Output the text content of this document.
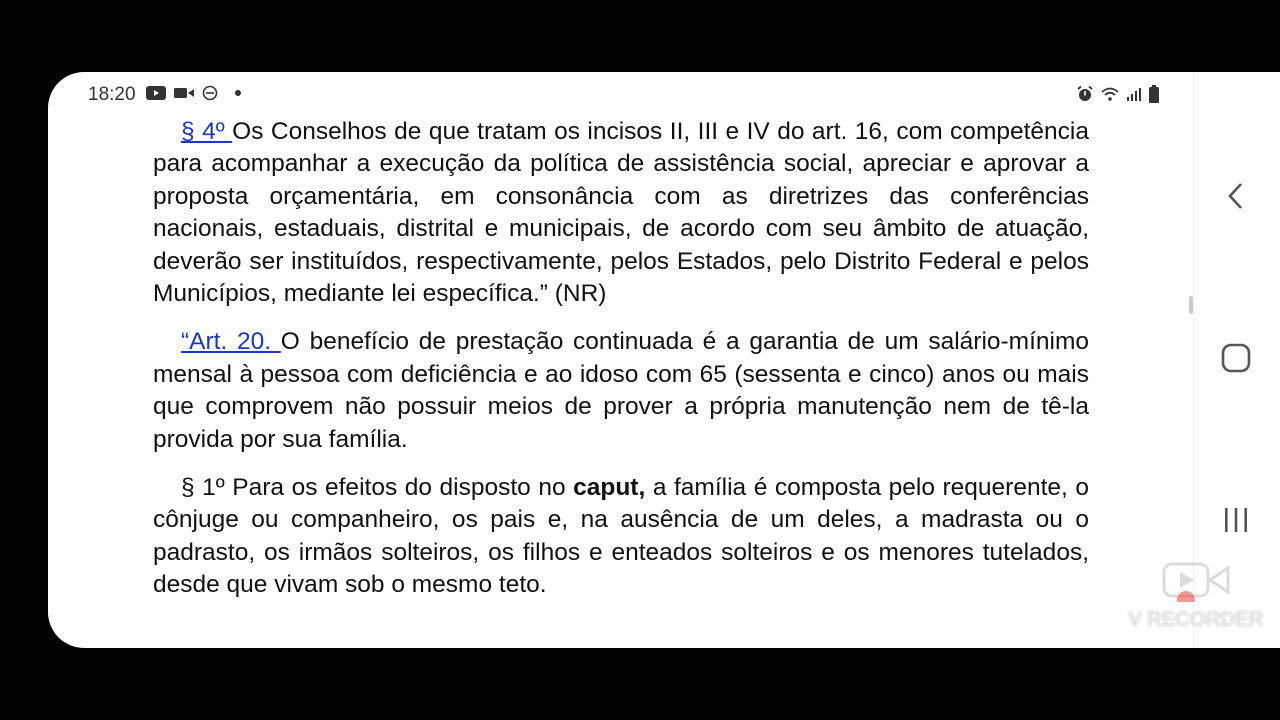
18:20

§ 4º Os Conselhos de que tratam os incisos II, III e IV do art. 16, com competência para acompanhar a execução da política de assistência social, apreciar e aprovar a proposta orçamentária, em consonância com as diretrizes das conferências nacionais, estaduais, distrital e municipais, de acordo com seu âmbito de atuação, deverão ser instituídos, respectivamente, pelos Estados, pelo Distrito Federal e pelos Municípios, mediante lei específica.” (NR)

“Art. 20. O benefício de prestação continuada é a garantia de um salário-mínimo mensal à pessoa com deficiência e ao idoso com 65 (sessenta e cinco) anos ou mais que comprovem não possuir meios de prover a própria manutenção nem de tê-la provida por sua família.

§ 1º Para os efeitos do disposto no caput, a família é composta pelo requerente, o cônjuge ou companheiro, os pais e, na ausência de um deles, a madrasta ou o padrasto, os irmãos solteiros, os filhos e enteados solteiros e os menores tutelados, desde que vivam sob o mesmo teto.

V RECORDER
